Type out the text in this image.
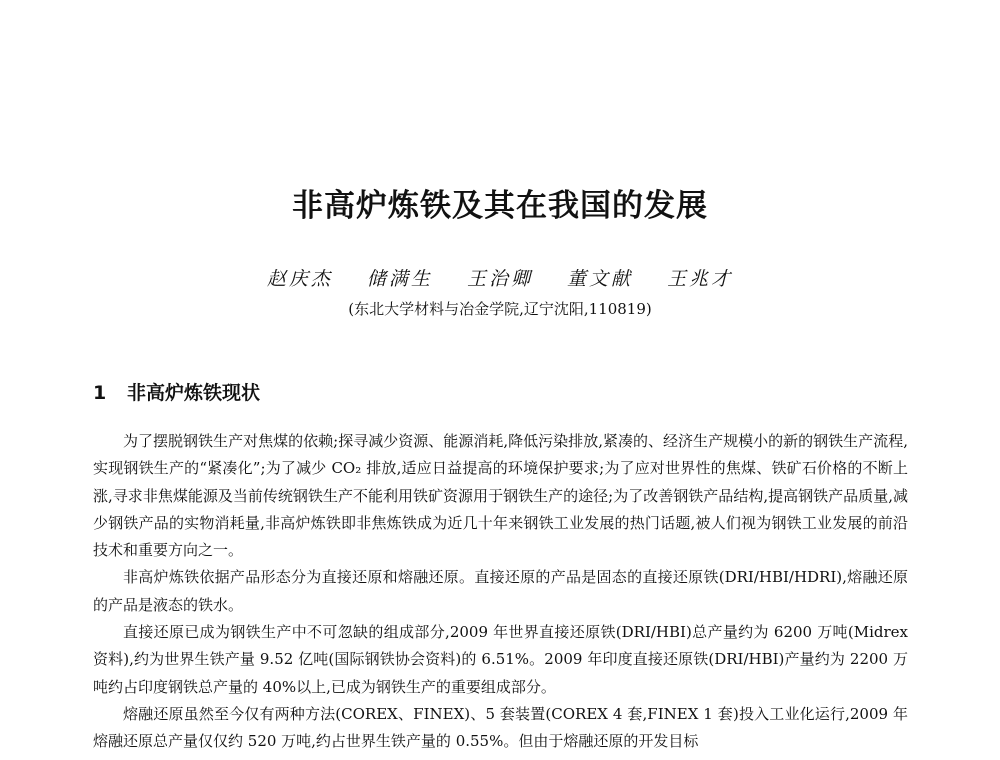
非高炉炼铁及其在我国的发展
赵庆杰 储满生 王治卿 董文献 王兆才
(东北大学材料与冶金学院,辽宁沈阳,110819)
1 非高炉炼铁现状

为了摆脱钢铁生产对焦煤的依赖;探寻减少资源、能源消耗,降低污染排放,紧凑的、经济生产规模小的新的钢铁生产流程,实现钢铁生产的“紧凑化”;为了减少 CO₂ 排放,适应日益提高的环境保护要求;为了应对世界性的焦煤、铁矿石价格的不断上涨,寻求非焦煤能源及当前传统钢铁生产不能利用铁矿资源用于钢铁生产的途径;为了改善钢铁产品结构,提高钢铁产品质量,减少钢铁产品的实物消耗量,非高炉炼铁即非焦炼铁成为近几十年来钢铁工业发展的热门话题,被人们视为钢铁工业发展的前沿技术和重要方向之一。

非高炉炼铁依据产品形态分为直接还原和熔融还原。直接还原的产品是固态的直接还原铁(DRI/HBI/HDRI),熔融还原的产品是液态的铁水。

直接还原已成为钢铁生产中不可忽缺的组成部分,2009 年世界直接还原铁(DRI/HBI)总产量约为 6200 万吨(Midrex资料),约为世界生铁产量 9.52 亿吨(国际钢铁协会资料)的 6.51%。2009 年印度直接还原铁(DRI/HBI)产量约为 2200 万吨约占印度钢铁总产量的 40%以上,已成为钢铁生产的重要组成部分。

熔融还原虽然至今仅有两种方法(COREX、FINEX)、5 套装置(COREX 4 套,FINEX 1 套)投入工业化运行,2009 年熔融还原总产量仅仅约 520 万吨,约占世界生铁产量的 0.55%。但由于熔融还原的开发目标
